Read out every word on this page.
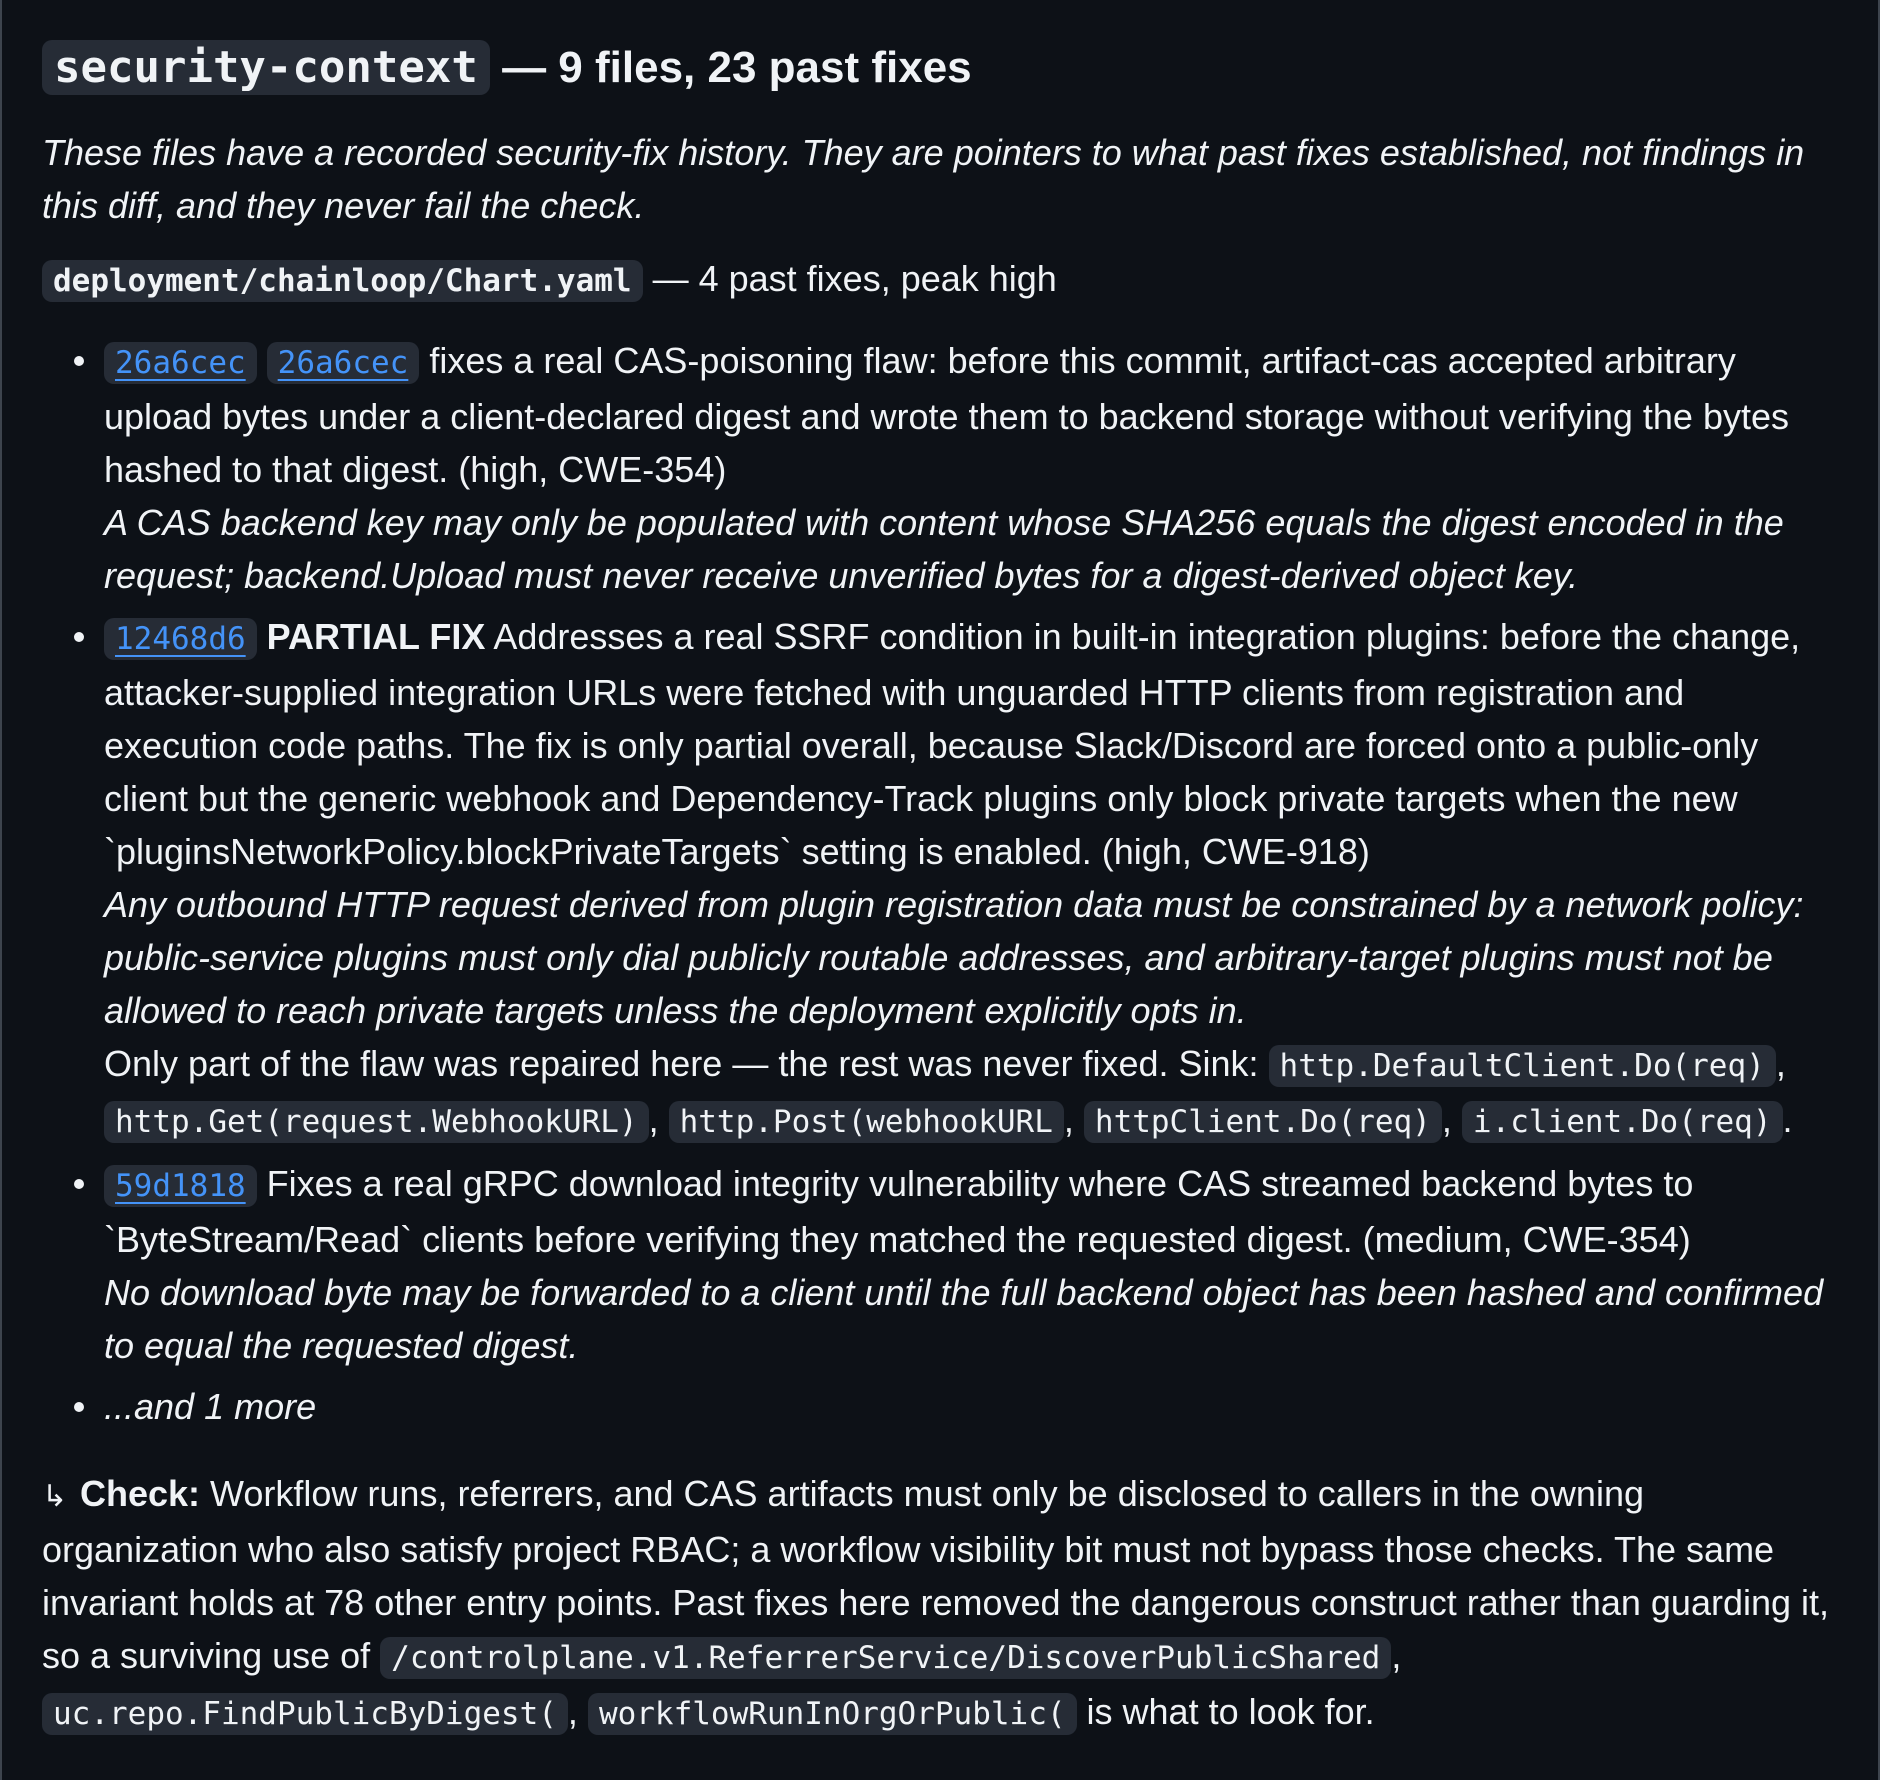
security-context — 9 files, 23 past fixes

These files have a recorded security-fix history. They are pointers to what past fixes established, not findings in this diff, and they never fail the check.

deployment/chainloop/Chart.yaml — 4 past fixes, peak high

26a6cec 26a6cec fixes a real CAS-poisoning flaw: before this commit, artifact-cas accepted arbitrary upload bytes under a client-declared digest and wrote them to backend storage without verifying the bytes hashed to that digest. (high, CWE-354)
A CAS backend key may only be populated with content whose SHA256 equals the digest encoded in the request; backend.Upload must never receive unverified bytes for a digest-derived object key.
12468d6 PARTIAL FIX Addresses a real SSRF condition in built-in integration plugins: before the change, attacker-supplied integration URLs were fetched with unguarded HTTP clients from registration and execution code paths. The fix is only partial overall, because Slack/Discord are forced onto a public-only client but the generic webhook and Dependency-Track plugins only block private targets when the new `pluginsNetworkPolicy.blockPrivateTargets` setting is enabled. (high, CWE-918)
Any outbound HTTP request derived from plugin registration data must be constrained by a network policy: public-service plugins must only dial publicly routable addresses, and arbitrary-target plugins must not be allowed to reach private targets unless the deployment explicitly opts in.
Only part of the flaw was repaired here — the rest was never fixed. Sink: http.DefaultClient.Do(req) , http.Get(request.WebhookURL) , http.Post(webhookURL , httpClient.Do(req) , i.client.Do(req) .
59d1818 Fixes a real gRPC download integrity vulnerability where CAS streamed backend bytes to `ByteStream/Read` clients before verifying they matched the requested digest. (medium, CWE-354)
No download byte may be forwarded to a client until the full backend object has been hashed and confirmed to equal the requested digest.
...and 1 more

↳ Check: Workflow runs, referrers, and CAS artifacts must only be disclosed to callers in the owning organization who also satisfy project RBAC; a workflow visibility bit must not bypass those checks. The same invariant holds at 78 other entry points. Past fixes here removed the dangerous construct rather than guarding it, so a surviving use of /controlplane.v1.ReferrerService/DiscoverPublicShared , uc.repo.FindPublicByDigest( , workflowRunInOrgOrPublic( is what to look for.
